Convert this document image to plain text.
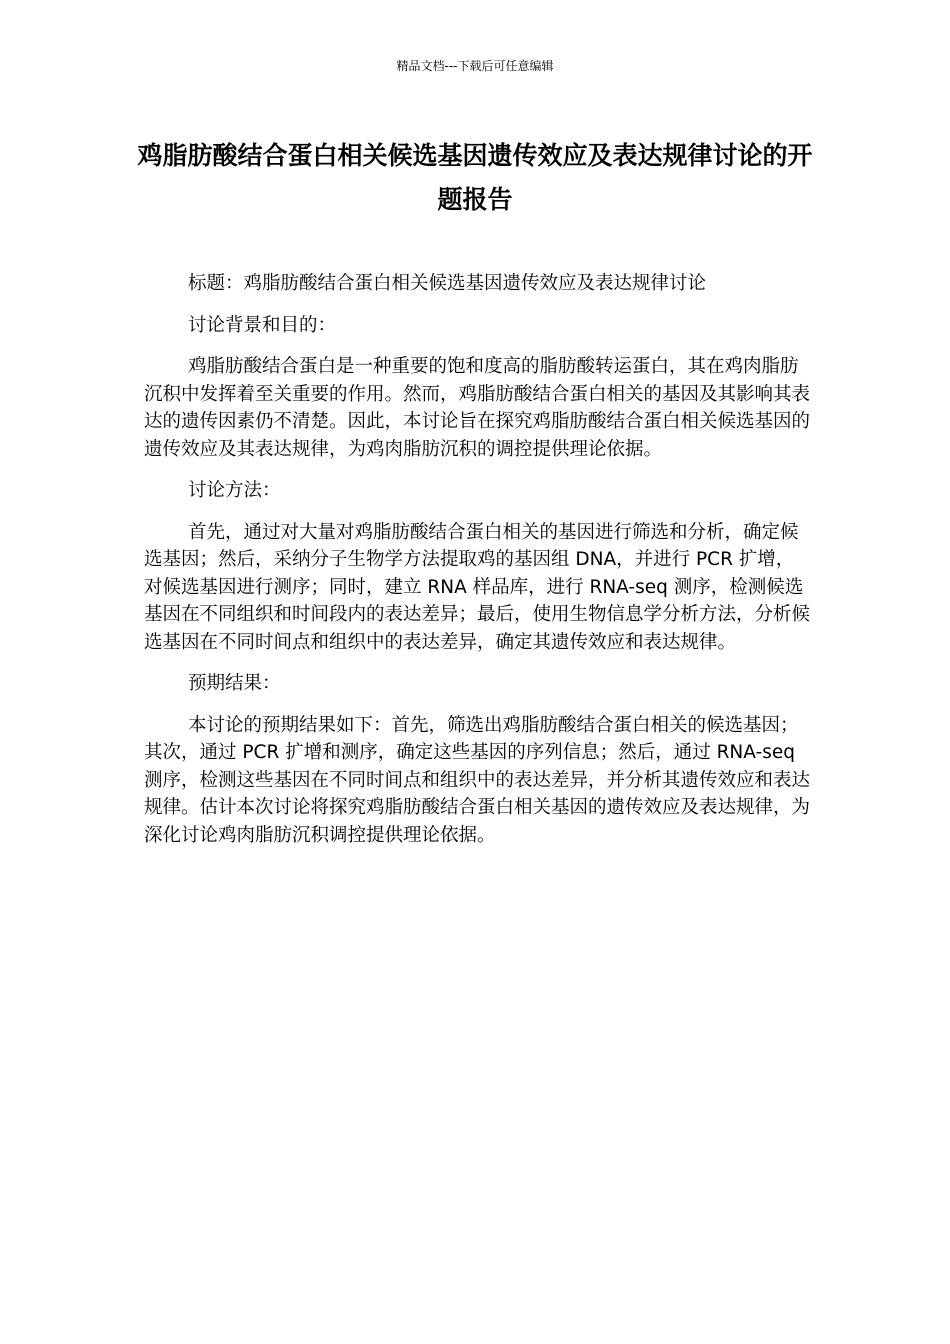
精品文档---下载后可任意编辑
鸡脂肪酸结合蛋白相关候选基因遗传效应及表达规律讨论的开题报告

标题：鸡脂肪酸结合蛋白相关候选基因遗传效应及表达规律讨论

讨论背景和目的：

鸡脂肪酸结合蛋白是一种重要的饱和度高的脂肪酸转运蛋白，其在鸡肉脂肪沉积中发挥着至关重要的作用。然而，鸡脂肪酸结合蛋白相关的基因及其影响其表达的遗传因素仍不清楚。因此，本讨论旨在探究鸡脂肪酸结合蛋白相关候选基因的遗传效应及其表达规律，为鸡肉脂肪沉积的调控提供理论依据。

讨论方法：

首先，通过对大量对鸡脂肪酸结合蛋白相关的基因进行筛选和分析，确定候选基因；然后，采纳分子生物学方法提取鸡的基因组 DNA，并进行 PCR 扩增，对候选基因进行测序；同时，建立 RNA 样品库，进行 RNA-seq 测序，检测候选基因在不同组织和时间段内的表达差异；最后，使用生物信息学分析方法，分析候选基因在不同时间点和组织中的表达差异，确定其遗传效应和表达规律。

预期结果：

本讨论的预期结果如下：首先，筛选出鸡脂肪酸结合蛋白相关的候选基因；其次，通过 PCR 扩增和测序，确定这些基因的序列信息；然后，通过 RNA-seq 测序，检测这些基因在不同时间点和组织中的表达差异，并分析其遗传效应和表达规律。估计本次讨论将探究鸡脂肪酸结合蛋白相关基因的遗传效应及表达规律，为深化讨论鸡肉脂肪沉积调控提供理论依据。
